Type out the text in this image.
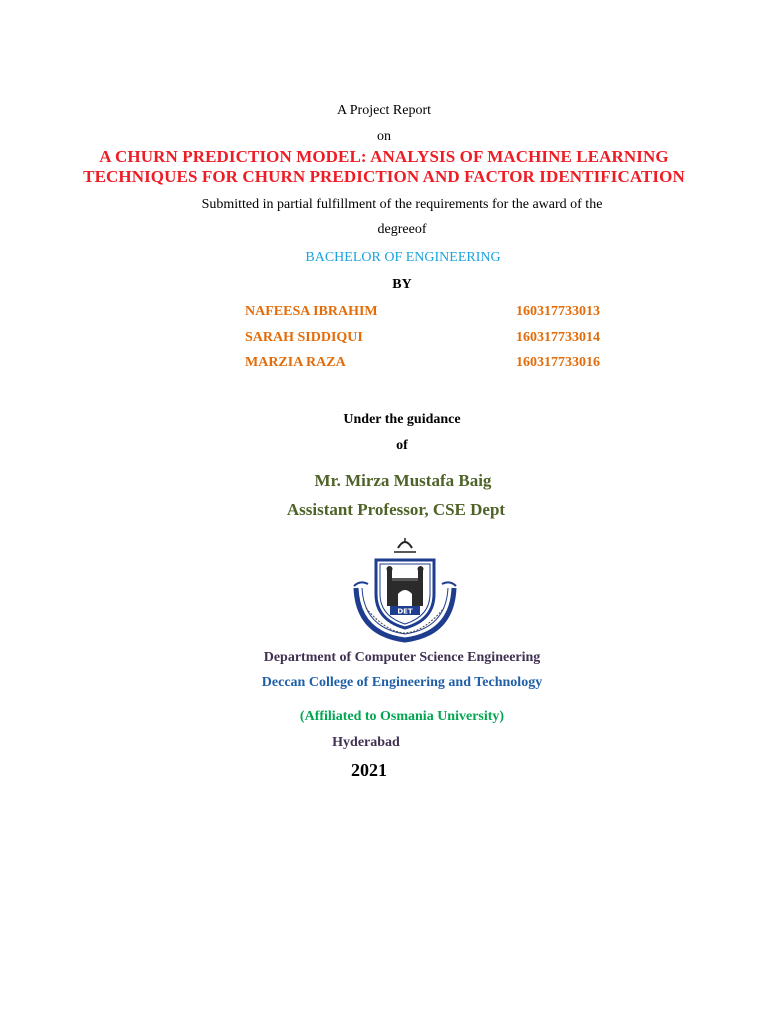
A Project Report
on
A CHURN PREDICTION MODEL: ANALYSIS OF MACHINE LEARNING
TECHNIQUES FOR CHURN PREDICTION AND FACTOR IDENTIFICATION
Submitted in partial fulfillment of the requirements for the award of the
degreeof
BACHELOR OF ENGINEERING
BY
NAFEESA IBRAHIM	160317733013
SARAH SIDDIQUI	160317733014
MARZIA RAZA	160317733016
Under the guidance
of
Mr. Mirza Mustafa Baig
Assistant Professor, CSE Dept
DET
Department of Computer Science Engineering
Deccan College of Engineering and Technology
(Affiliated to Osmania University)
Hyderabad
2021
